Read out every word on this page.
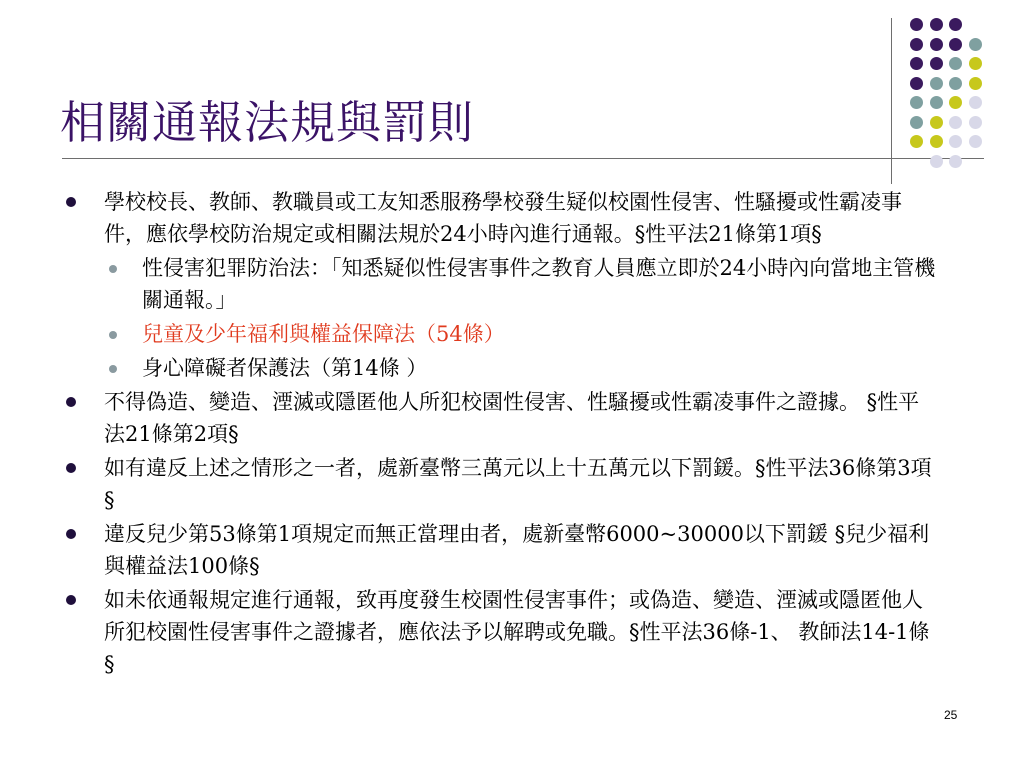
相關通報法規與罰則
學校校長、教師、教職員或工友知悉服務學校發生疑似校園性侵害、性騷擾或性霸凌事件，應依學校防治規定或相關法規於24小時內進行通報。§性平法21條第1項§
性侵害犯罪防治法：「知悉疑似性侵害事件之教育人員應立即於24小時內向當地主管機關通報。」
兒童及少年福利與權益保障法（54條）
身心障礙者保護法（第14條 ）
不得偽造、變造、湮滅或隱匿他人所犯校園性侵害、性騷擾或性霸凌事件之證據。 §性平法21條第2項§
如有違反上述之情形之一者，處新臺幣三萬元以上十五萬元以下罰鍰。§性平法36條第3項§
違反兒少第53條第1項規定而無正當理由者，處新臺幣6000~30000以下罰鍰 §兒少福利與權益法100條§
如未依通報規定進行通報，致再度發生校園性侵害事件；或偽造、變造、湮滅或隱匿他人所犯校園性侵害事件之證據者，應依法予以解聘或免職。§性平法36條-1、 教師法14-1條§
25
